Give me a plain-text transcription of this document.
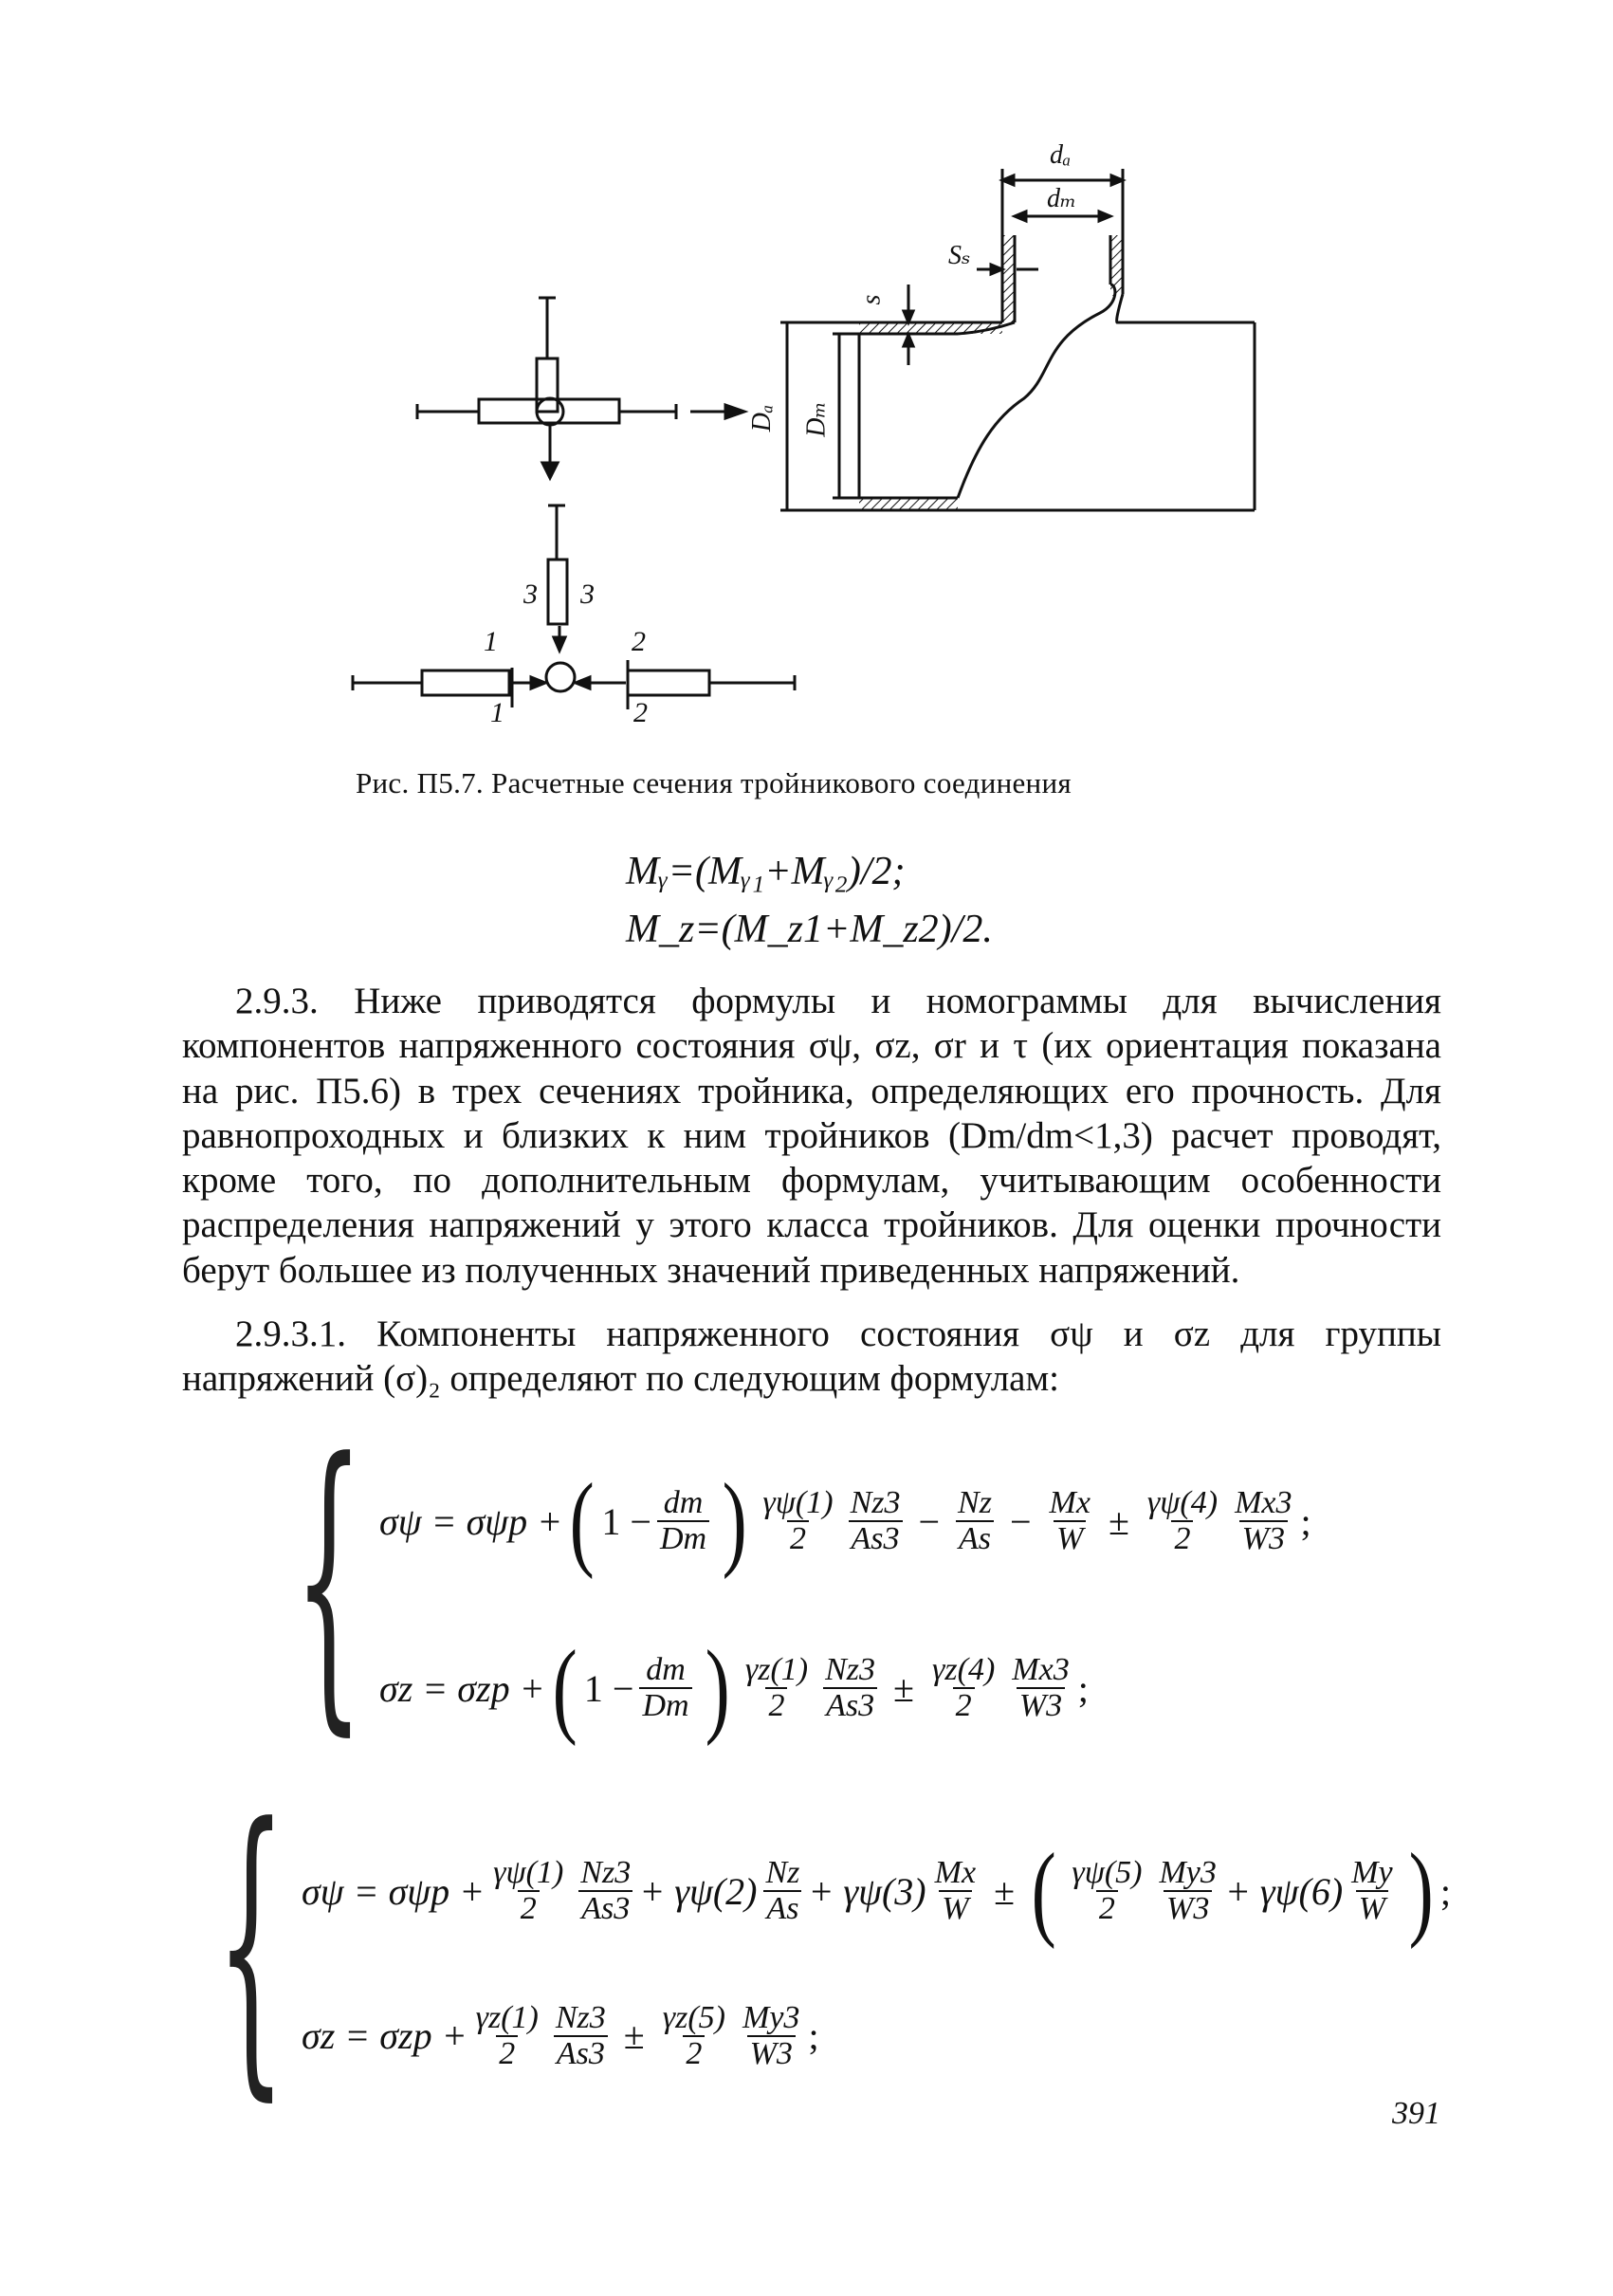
dₐ
dₘ
Sₛ
s
Dₐ Dₘ
3 3
1
1
2
2
Рис. П5.7. Расчетные сечения тройникового соединения
Mᵧ=(Mᵧ₁+Mᵧ₂)/2;
M_z=(M_z1+M_z2)/2.

2.9.3. Ниже приводятся формулы и номограммы для вычисления компонентов напряженного состояния σψ, σz, σr и τ (их ориентация показана на рис. П5.6) в трех сечениях тройника, определяющих его прочность. Для равнопроходных и близких к ним тройников (Dm/dm<1,3) расчет проводят, кроме того, по дополнительным формулам, учитывающим особенности распределения напряжений у этого класса тройников. Для оценки прочности берут большее из полученных значений приведенных напряжений.

2.9.3.1. Компоненты напряженного состояния σψ и σz для группы напряжений (σ)₂ определяют по следующим формулам:

{ σψ = σψp + ( $1 - \frac{dm}{Dm}$ ) $\frac{\gamma\psi(1)}{2} \frac{Nz3}{As3} - \frac{Nz}{As} - \frac{Mx}{W} \pm \frac{\gamma\psi(4)}{2} \frac{Mx3}{W3}$ ;
σz = σzp + ( $1 - \frac{dm}{Dm}$ ) $\frac{\gamma z(1)}{2} \frac{Nz3}{As3} \pm \frac{\gamma z(4)}{2} \frac{Mx3}{W3}$ ;
{ $\sigma\psi = \sigma\psi p + \frac{\gamma\psi(1)}{2} \frac{Nz3}{As3} + \gamma\psi(2) \frac{Nz}{As} + \gamma\psi(3) \frac{Mx}{W}$ ± ( $\frac{\gamma\psi(5)}{2} \frac{My3}{W3} + \gamma\psi(6) \frac{My}{W}$ ) ;
$\sigma z = \sigma zp + \frac{\gamma z(1)}{2} \frac{Nz3}{As3} \pm \frac{\gamma z(5)}{2} \frac{My3}{W3}$ ;
391
